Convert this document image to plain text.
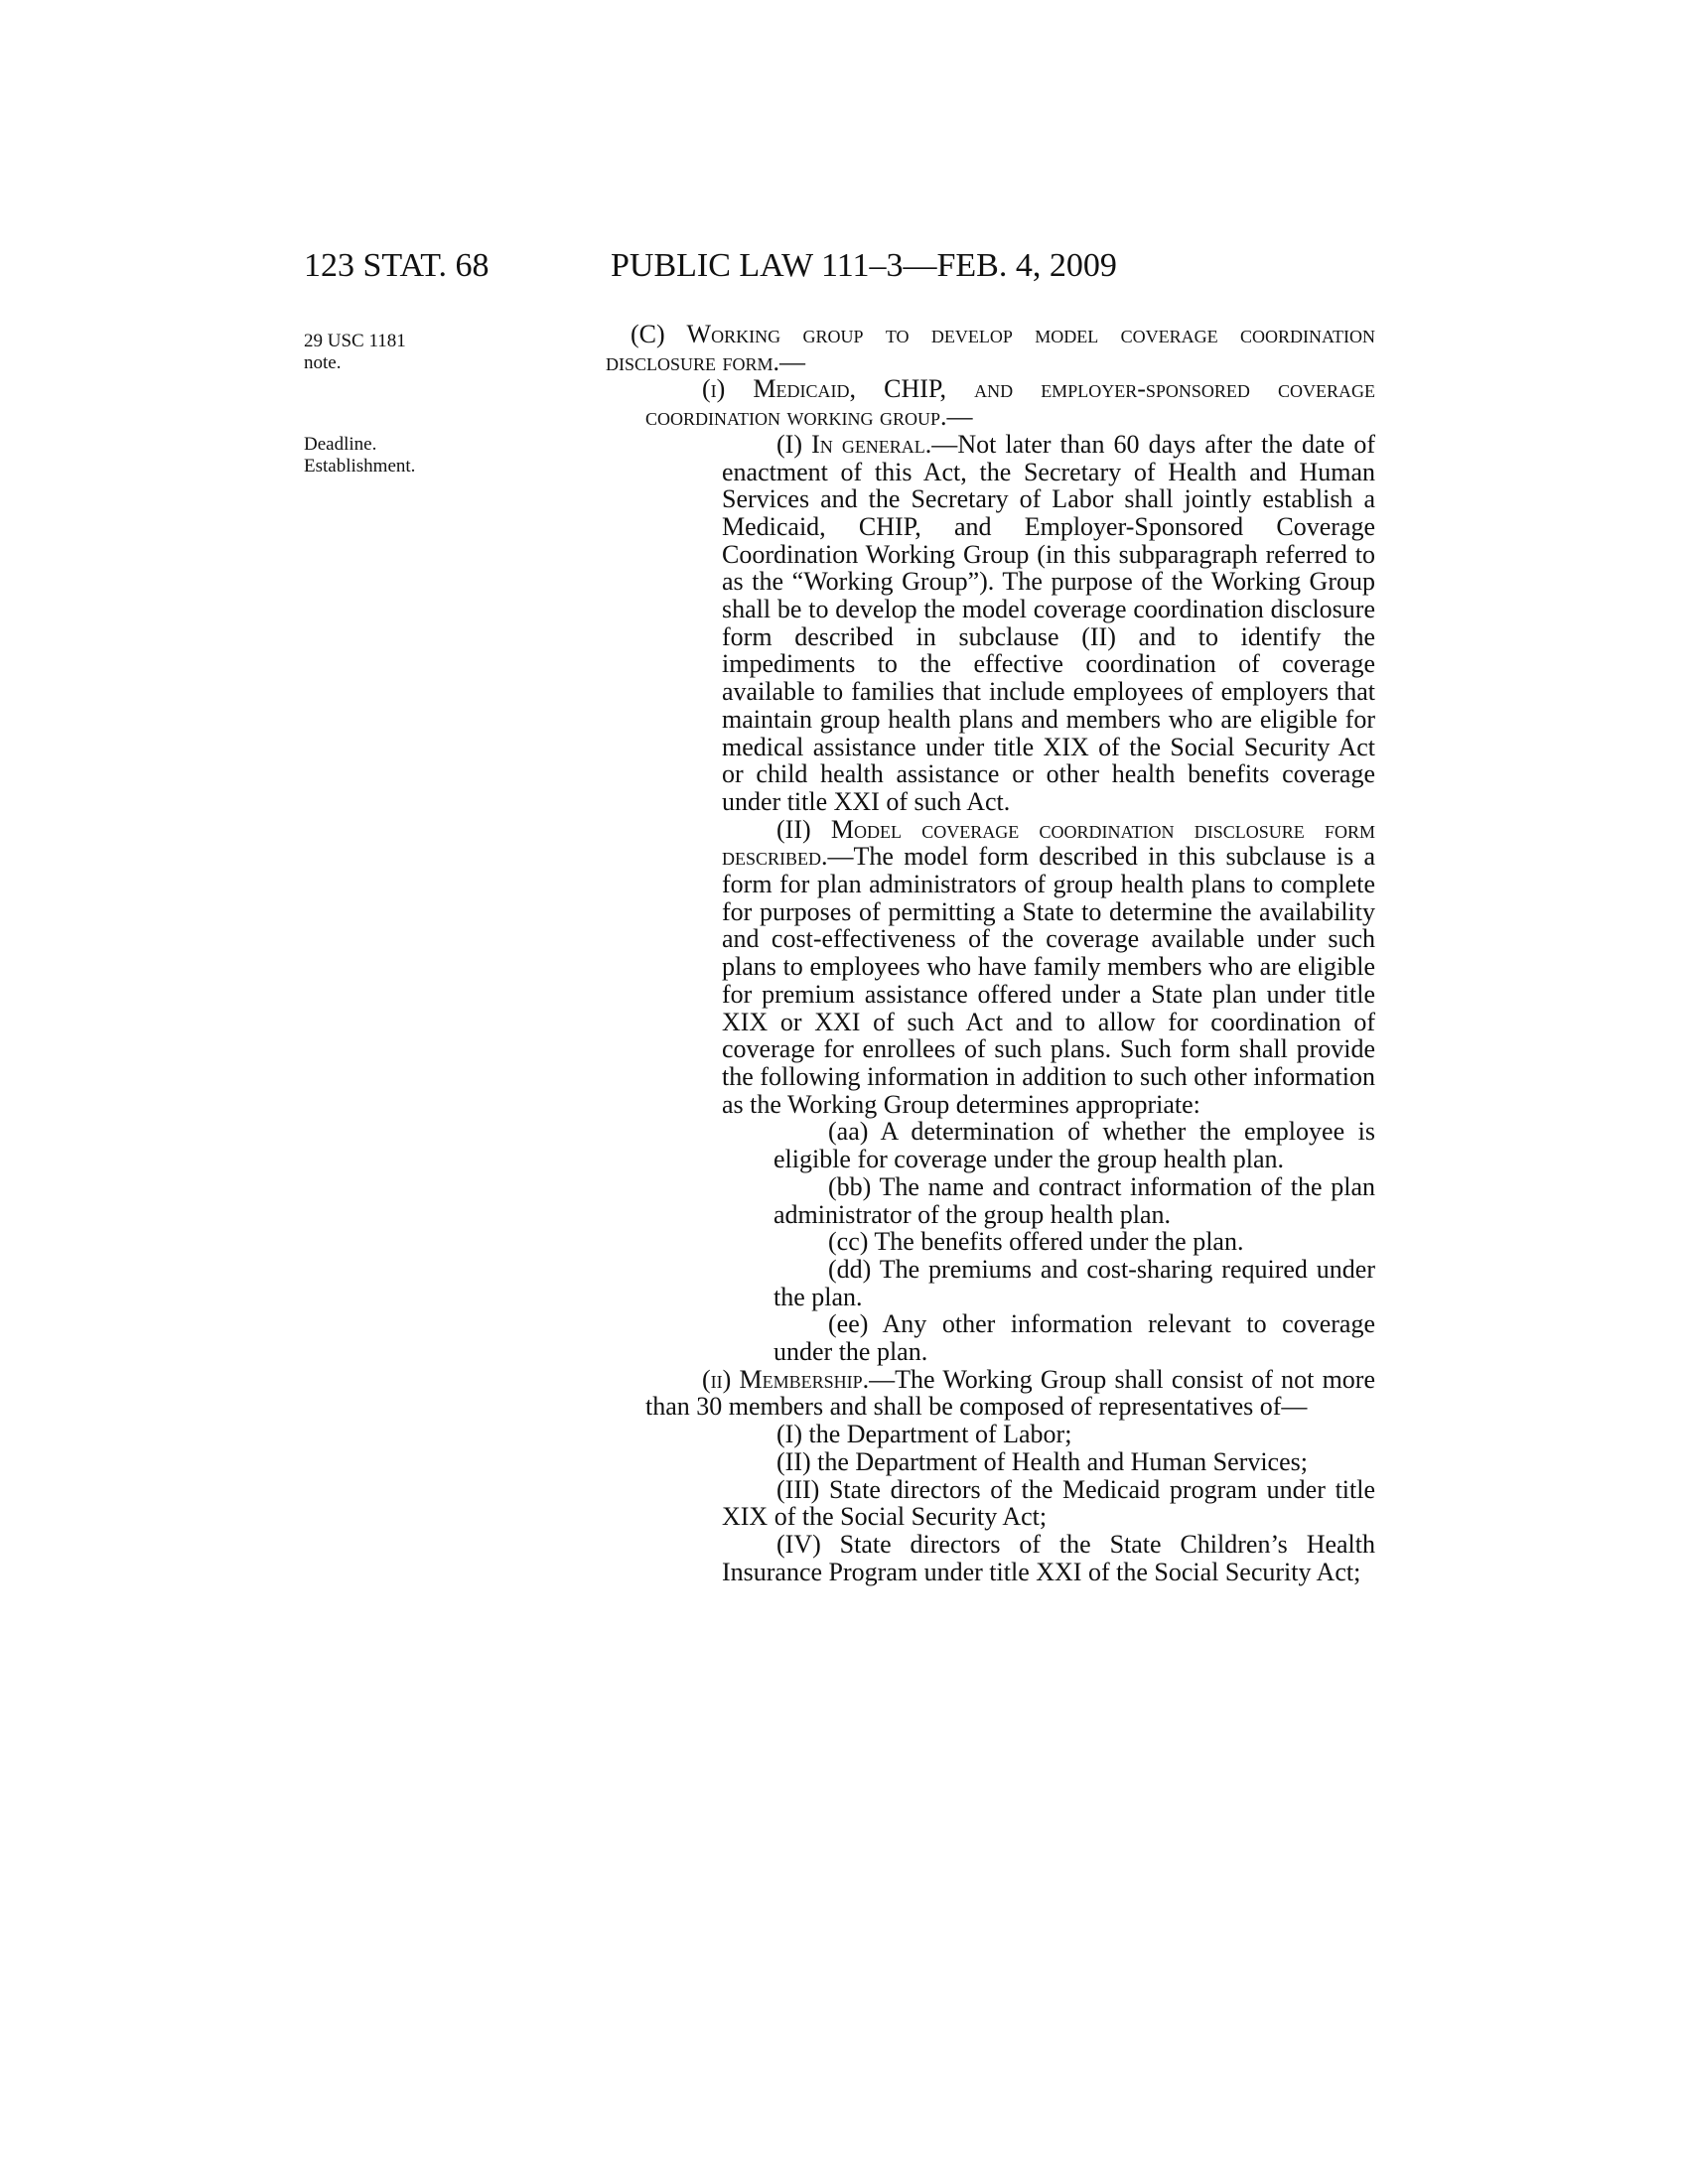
123 STAT. 68	PUBLIC LAW 111–3—FEB. 4, 2009
29 USC 1181
note.
Deadline.
Establishment.

(C) Working group to develop model coverage coordination disclosure form.—

(i) Medicaid, CHIP, and employer-sponsored coverage coordination working group.—

(I) In general.—Not later than 60 days after the date of enactment of this Act, the Secretary of Health and Human Services and the Secretary of Labor shall jointly establish a Medicaid, CHIP, and Employer-Sponsored Coverage Coordination Working Group (in this subparagraph referred to as the “Working Group”). The purpose of the Working Group shall be to develop the model coverage coordination disclosure form described in subclause (II) and to identify the impediments to the effective coordination of coverage available to families that include employees of employers that maintain group health plans and members who are eligible for medical assistance under title XIX of the Social Security Act or child health assistance or other health benefits coverage under title XXI of such Act.

(II) Model coverage coordination disclosure form described.—The model form described in this subclause is a form for plan administrators of group health plans to complete for purposes of permitting a State to determine the availability and cost-effectiveness of the coverage available under such plans to employees who have family members who are eligible for premium assistance offered under a State plan under title XIX or XXI of such Act and to allow for coordination of coverage for enrollees of such plans. Such form shall provide the following information in addition to such other information as the Working Group determines appropriate:

(aa) A determination of whether the employee is eligible for coverage under the group health plan.

(bb) The name and contract information of the plan administrator of the group health plan.

(cc) The benefits offered under the plan.

(dd) The premiums and cost-sharing required under the plan.

(ee) Any other information relevant to coverage under the plan.

(ii) Membership.—The Working Group shall consist of not more than 30 members and shall be composed of representatives of—

(I) the Department of Labor;

(II) the Department of Health and Human Services;

(III) State directors of the Medicaid program under title XIX of the Social Security Act;

(IV) State directors of the State Children’s Health Insurance Program under title XXI of the Social Security Act;
